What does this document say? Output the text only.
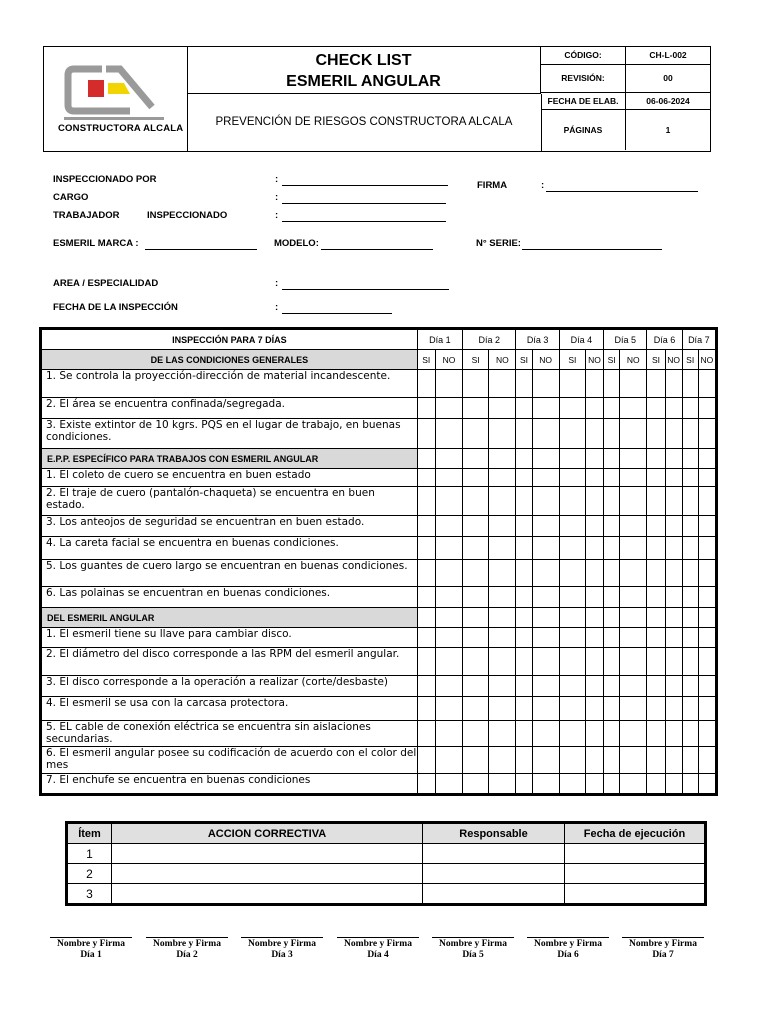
CONSTRUCTORA ALCALA
CHECK LIST
ESMERIL ANGULAR
PREVENCIÓN DE RIESGOS CONSTRUCTORA ALCALA
CÓDIGO:	CH-L-002
REVISIÓN:	00
FECHA DE ELAB.	06-06-2024
PÁGINAS	1
INSPECCIONADO POR	:
CARGO	:
TRABAJADOR	INSPECCIONADO	:
FIRMA	:
ESMERIL MARCA :	MODELO:	N° SERIE:
AREA / ESPECIALIDAD	:
FECHA DE LA INSPECCIÓN	:
INSPECCIÓN PARA 7 DÍAS	Día 1		Día 2		Día 3		Día 4		Día 5		Día 6		Día 7	
DE LAS CONDICIONES GENERALES	SI	NO	SI	NO	SI	NO	SI	NO	SI	NO	SI	NO	SI	NO
1. Se controla la proyección-dirección de material incandescente.														
2. El área se encuentra confinada/segregada.														
3. Existe extintor de 10 kgrs. PQS en el lugar de trabajo, en buenas condiciones.														
E.P.P. ESPECÍFICO PARA TRABAJOS CON ESMERIL ANGULAR														
1. El coleto de cuero se encuentra en buen estado														
2. El traje de cuero (pantalón-chaqueta) se encuentra en buen estado.														
3. Los anteojos de seguridad se encuentran en buen estado.														
4. La careta facial se encuentra en buenas condiciones.														
5. Los guantes de cuero largo se encuentran en buenas condiciones.														
6. Las polainas se encuentran en buenas condiciones.														
DEL ESMERIL ANGULAR														
1. El esmeril tiene su llave para cambiar disco.														
2. El diámetro del disco corresponde a las RPM del esmeril angular.														
3. El disco corresponde a la operación a realizar (corte/desbaste)														
4. El esmeril se usa con la carcasa protectora.														
5. EL cable de conexión eléctrica se encuentra sin aislaciones secundarias.														
6. El esmeril angular posee su codificación de acuerdo con el color del mes														
7. El enchufe se encuentra en buenas condiciones														
Ítem	ACCION CORRECTIVA	Responsable	Fecha de ejecución
1			
2			
3			
Nombre y Firma
Día 1
Nombre y Firma
Día 2
Nombre y Firma
Día 3
Nombre y Firma
Día 4
Nombre y Firma
Día 5
Nombre y Firma
Día 6
Nombre y Firma
Día 7
